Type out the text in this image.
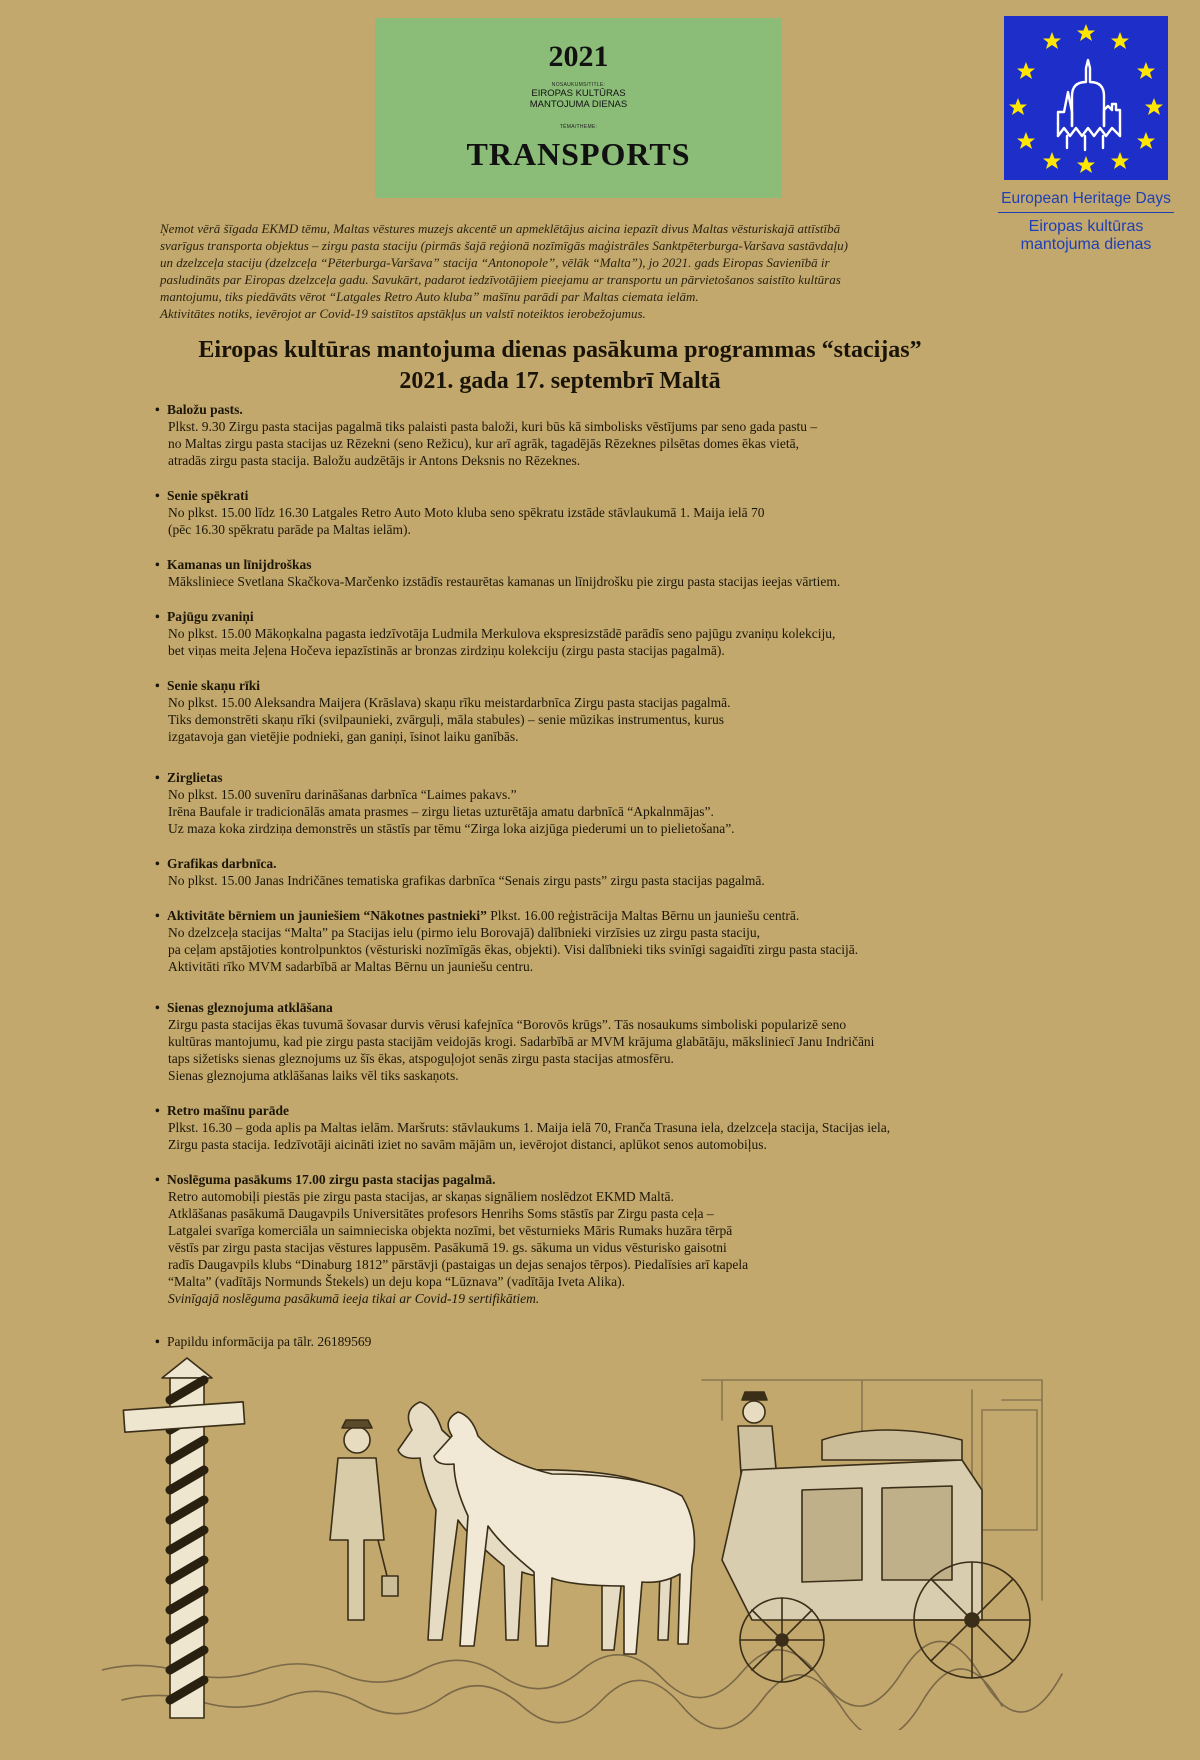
2021
NOSAUKUMS/TITLE:
EIROPAS KULTŪRAS
MANTOJUMA DIENAS
TĒMA/THEME:
TRANSPORTS
European Heritage Days
Eiropas kultūras
mantojuma dienas

Ņemot vērā šīgada EKMD tēmu, Maltas vēstures muzejs akcentē un apmeklētājus aicina iepazīt divus Maltas vēsturiskajā attīstībā

svarīgus transporta objektus – zirgu pasta staciju (pirmās šajā reģionā nozīmīgās maģistrāles Sanktpēterburga-Varšava sastāvdaļu)

un dzelzceļa staciju (dzelzceļa “Pēterburga-Varšava” stacija “Antonopole”, vēlāk “Malta”), jo 2021. gads Eiropas Savienībā ir

pasludināts par Eiropas dzelzceļa gadu. Savukārt, padarot iedzīvotājiem pieejamu ar transportu un pārvietošanos saistīto kultūras

mantojumu, tiks piedāvāts vērot “Latgales Retro Auto kluba” mašīnu parādi par Maltas ciemata ielām.

Aktivitātes notiks, ievērojot ar Covid-19 saistītos apstākļus un valstī noteiktos ierobežojumus.

Eiropas kultūras mantojuma dienas pasākuma programmas “stacijas”
2021. gada 17. septembrī Maltā
• Baložu pasts.

Plkst. 9.30 Zirgu pasta stacijas pagalmā tiks palaisti pasta baloži, kuri būs kā simbolisks vēstījums par seno gada pastu –

no Maltas zirgu pasta stacijas uz Rēzekni (seno Režicu), kur arī agrāk, tagadējās Rēzeknes pilsētas domes ēkas vietā,

atradās zirgu pasta stacija. Baložu audzētājs ir Antons Deksnis no Rēzeknes.

• Senie spēkrati

No plkst. 15.00 līdz 16.30 Latgales Retro Auto Moto kluba seno spēkratu izstāde stāvlaukumā 1. Maija ielā 70

(pēc 16.30 spēkratu parāde pa Maltas ielām).

• Kamanas un līnijdroškas

Māksliniece Svetlana Skačkova-Marčenko izstādīs restaurētas kamanas un līnijdrošku pie zirgu pasta stacijas ieejas vārtiem.

• Pajūgu zvaniņi

No plkst. 15.00 Mākoņkalna pagasta iedzīvotāja Ludmila Merkulova ekspresizstādē parādīs seno pajūgu zvaniņu kolekciju,

bet viņas meita Jeļena Hočeva iepazīstinās ar bronzas zirdziņu kolekciju (zirgu pasta stacijas pagalmā).

• Senie skaņu rīki

No plkst. 15.00 Aleksandra Maijera (Krāslava) skaņu rīku meistardarbnīca Zirgu pasta stacijas pagalmā.

Tiks demonstrēti skaņu rīki (svilpaunieki, zvārguļi, māla stabules) – senie mūzikas instrumentus, kurus

izgatavoja gan vietējie podnieki, gan ganiņi, īsinot laiku ganībās.

• Zirglietas

No plkst. 15.00 suvenīru darināšanas darbnīca “Laimes pakavs.”

Irēna Baufale ir tradicionālās amata prasmes – zirgu lietas uzturētāja amatu darbnīcā “Apkalnmājas”.

Uz maza koka zirdziņa demonstrēs un stāstīs par tēmu “Zirga loka aizjūga piederumi un to pielietošana”.

• Grafikas darbnīca.

No plkst. 15.00 Janas Indričānes tematiska grafikas darbnīca “Senais zirgu pasts” zirgu pasta stacijas pagalmā.

• Aktivitāte bērniem un jauniešiem “Nākotnes pastnieki” Plkst. 16.00 reģistrācija Maltas Bērnu un jauniešu centrā.

No dzelzceļa stacijas “Malta” pa Stacijas ielu (pirmo ielu Borovajā) dalībnieki virzīsies uz zirgu pasta staciju,

pa ceļam apstājoties kontrolpunktos (vēsturiski nozīmīgās ēkas, objekti). Visi dalībnieki tiks svinīgi sagaidīti zirgu pasta stacijā.

Aktivitāti rīko MVM sadarbībā ar Maltas Bērnu un jauniešu centru.

• Sienas gleznojuma atklāšana

Zirgu pasta stacijas ēkas tuvumā šovasar durvis vērusi kafejnīca “Borovōs krūgs”. Tās nosaukums simboliski popularizē seno

kultūras mantojumu, kad pie zirgu pasta stacijām veidojās krogi. Sadarbībā ar MVM krājuma glabātāju, māksliniecī Janu Indričāni

taps sižetisks sienas gleznojums uz šīs ēkas, atspoguļojot senās zirgu pasta stacijas atmosfēru.

Sienas gleznojuma atklāšanas laiks vēl tiks saskaņots.

• Retro mašīnu parāde

Plkst. 16.30 – goda aplis pa Maltas ielām. Maršruts: stāvlaukums 1. Maija ielā 70, Franča Trasuna iela, dzelzceļa stacija, Stacijas iela,

Zirgu pasta stacija. Iedzīvotāji aicināti iziet no savām mājām un, ievērojot distanci, aplūkot senos automobiļus.

• Noslēguma pasākums 17.00 zirgu pasta stacijas pagalmā.

Retro automobiļi piestās pie zirgu pasta stacijas, ar skaņas signāliem noslēdzot EKMD Maltā.

Atklāšanas pasākumā Daugavpils Universitātes profesors Henrihs Soms stāstīs par Zirgu pasta ceļa –

Latgalei svarīga komerciāla un saimnieciska objekta nozīmi, bet vēsturnieks Māris Rumaks huzāra tērpā

vēstīs par zirgu pasta stacijas vēstures lappusēm. Pasākumā 19. gs. sākuma un vidus vēsturisko gaisotni

radīs Daugavpils klubs “Dinaburg 1812” pārstāvji (pastaigas un dejas senajos tērpos). Piedalīsies arī kapela

“Malta” (vadītājs Normunds Štekels) un deju kopa “Lūznava” (vadītāja Iveta Alika).

Svinīgajā noslēguma pasākumā ieeja tikai ar Covid-19 sertifikātiem.

• Papildu informācija pa tālr. 26189569
